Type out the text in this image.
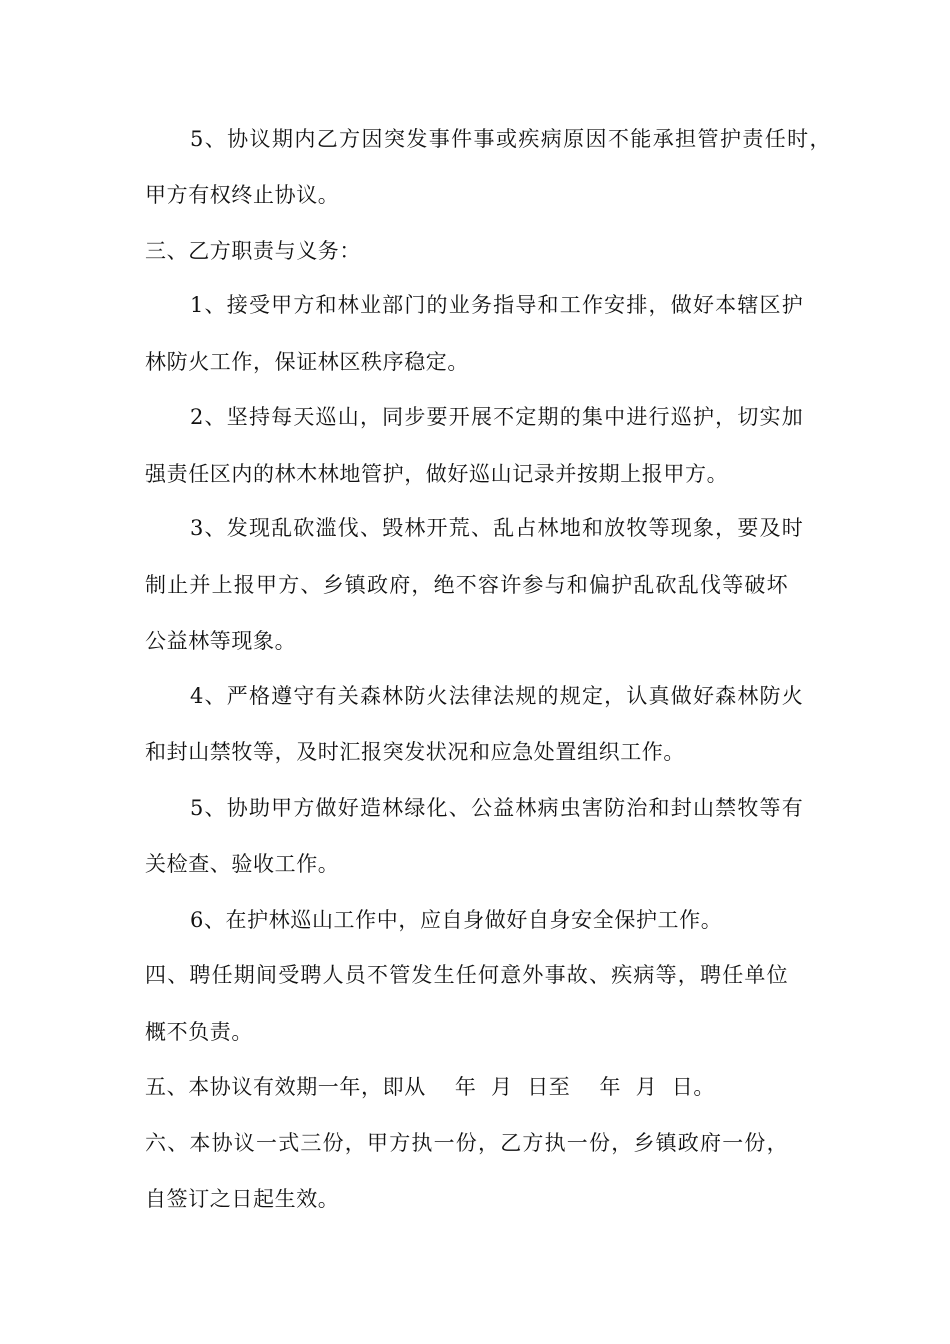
5、协议期内乙方因突发事件事或疾病原因不能承担管护责任时，
甲方有权终止协议。
三、乙方职责与义务：
1、接受甲方和林业部门的业务指导和工作安排，做好本辖区护
林防火工作，保证林区秩序稳定。
2、坚持每天巡山，同步要开展不定期的集中进行巡护，切实加
强责任区内的林木林地管护，做好巡山记录并按期上报甲方。
3、发现乱砍滥伐、毁林开荒、乱占林地和放牧等现象，要及时
制止并上报甲方、乡镇政府，绝不容许参与和偏护乱砍乱伐等破坏
公益林等现象。
4、严格遵守有关森林防火法律法规的规定，认真做好森林防火
和封山禁牧等，及时汇报突发状况和应急处置组织工作。
5、协助甲方做好造林绿化、公益林病虫害防治和封山禁牧等有
关检查、验收工作。
6、在护林巡山工作中，应自身做好自身安全保护工作。
四、聘任期间受聘人员不管发生任何意外事故、疾病等，聘任单位
概不负责。
五、本协议有效期一年，即从    年  月  日至    年  月  日。
六、本协议一式三份，甲方执一份，乙方执一份，乡镇政府一份，
自签订之日起生效。
